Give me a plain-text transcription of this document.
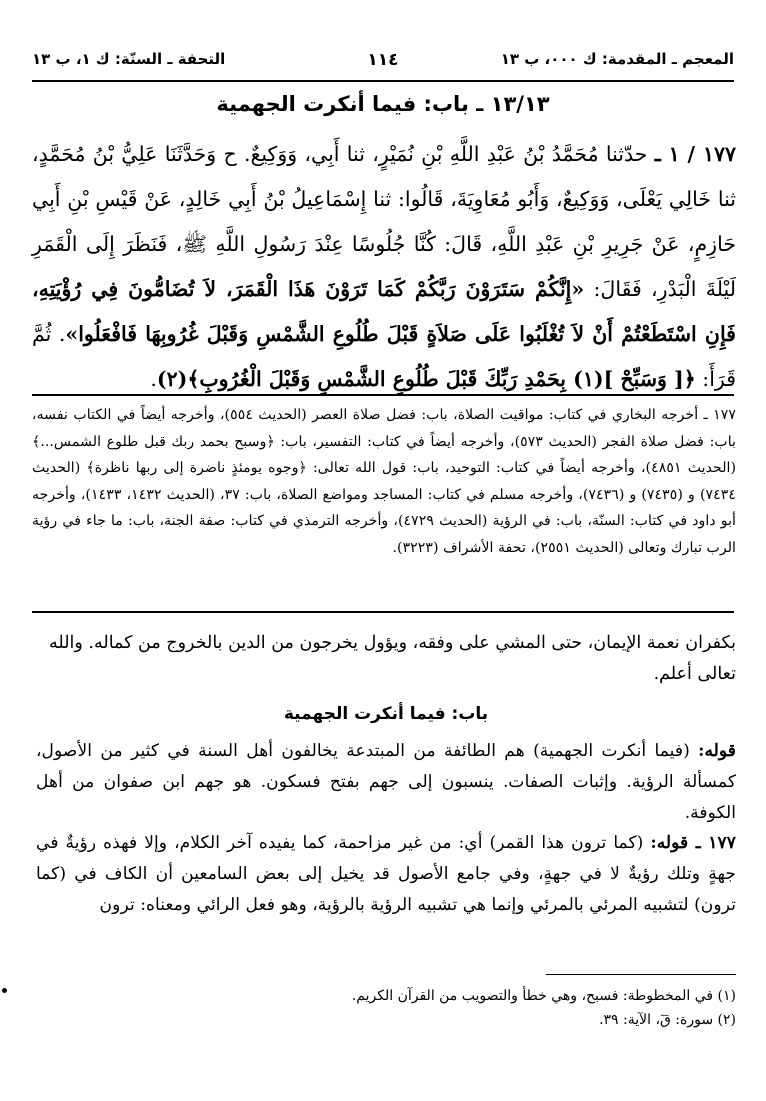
المعجم ـ المقدمة: ك ٠٠٠، ب ١٣
١١٤
التحفة ـ السنّة: ك ١، ب ١٣
١٣/١٣ ـ باب: فيما أنكرت الجهمية
١٧٧ / ١ ـ حدّثنا مُحَمَّدُ بْنُ عَبْدِ اللَّهِ بْنِ نُمَيْرٍ، ثنا أَبِي، وَوَكِيعٌ. ح وَحَدَّثَنَا عَلِيُّ بْنُ مُحَمَّدٍ، ثنا خَالِي يَعْلَى، وَوَكِيعٌ، وَأَبُو مُعَاوِيَةَ، قَالُوا: ثنا إِسْمَاعِيلُ بْنُ أَبِي خَالِدٍ، عَنْ قَيْسِ بْنِ أَبِي حَازِمٍ، عَنْ جَرِيرِ بْنِ عَبْدِ اللَّهِ، قَالَ: كُنَّا جُلُوسًا عِنْدَ رَسُولِ اللَّهِ ﷺ، فَنَظَرَ إِلَى الْقَمَرِ لَيْلَةَ الْبَدْرِ، فَقَالَ: «إِنَّكُمْ سَتَرَوْنَ رَبَّكُمْ كَمَا تَرَوْنَ هَذَا الْقَمَرَ، لاَ تُضَامُّونَ فِي رُؤْيَتِهِ، فَإِنِ اسْتَطَعْتُمْ أَنْ لاَ تُغْلَبُوا عَلَى صَلاَةٍ قَبْلَ طُلُوعِ الشَّمْسِ وَقَبْلَ غُرُوبِهَا فَافْعَلُوا». ثُمَّ قَرَأَ: ﴿[ وَسَبِّحْ ](١) بِحَمْدِ رَبِّكَ قَبْلَ طُلُوعِ الشَّمْسِ وَقَبْلَ الْغُرُوبِ﴾(٢).

١٧٧ ـ أخرجه البخاري في كتاب: مواقيت الصلاة، باب: فضل صلاة العصر (الحديث ٥٥٤)، وأخرجه أيضاً في الكتاب نفسه، باب: فضل صلاة الفجر (الحديث ٥٧٣)، وأخرجه أيضاً في كتاب: التفسير، باب: ﴿وسبح بحمد ربك قبل طلوع الشمس...﴾ (الحديث ٤٨٥١)، وأخرجه أيضاً في كتاب: التوحيد، باب: قول الله تعالى: ﴿وجوه يومئذٍ ناضرة إلى ربها ناظرة﴾ (الحديث ٧٤٣٤) و (٧٤٣٥) و (٧٤٣٦)، وأخرجه مسلم في كتاب: المساجد ومواضع الصلاة، باب: ٣٧، (الحديث ١٤٣٢، ١٤٣٣)، وأخرجه أبو داود في كتاب: السنّة، باب: في الرؤية (الحديث ٤٧٢٩)، وأخرجه الترمذي في كتاب: صفة الجنة، باب: ما جاء في رؤية الرب تبارك وتعالى (الحديث ٢٥٥١)، تحفة الأشراف (٣٢٢٣).

بكفران نعمة الإيمان، حتى المشي على وفقه، ويؤول يخرجون من الدين بالخروج من كماله. والله تعالى أعلم.

باب: فيما أنكرت الجهمية

قوله: (فيما أنكرت الجهمية) هم الطائفة من المبتدعة يخالفون أهل السنة في كثير من الأصول، كمسألة الرؤية. وإثبات الصفات. ينسبون إلى جهم بفتح فسكون. هو جهم ابن صفوان من أهل الكوفة.

١٧٧ ـ قوله: (كما ترون هذا القمر) أي: من غير مزاحمة، كما يفيده آخر الكلام، وإلا فهذه رؤيةٌ في جهةٍ وتلك رؤيةٌ لا في جهةٍ، وفي جامع الأصول قد يخيل إلى بعض السامعين أن الكاف في (كما ترون) لتشبيه المرئي بالمرئي وإنما هي تشبيه الرؤية بالرؤية، وهو فعل الرائي ومعناه: ترون

(١) في المخطوطة: فسبح، وهي خطأ والتصويب من القرآن الكريم.

(٢) سورة: قٓ، الآية: ٣٩.
